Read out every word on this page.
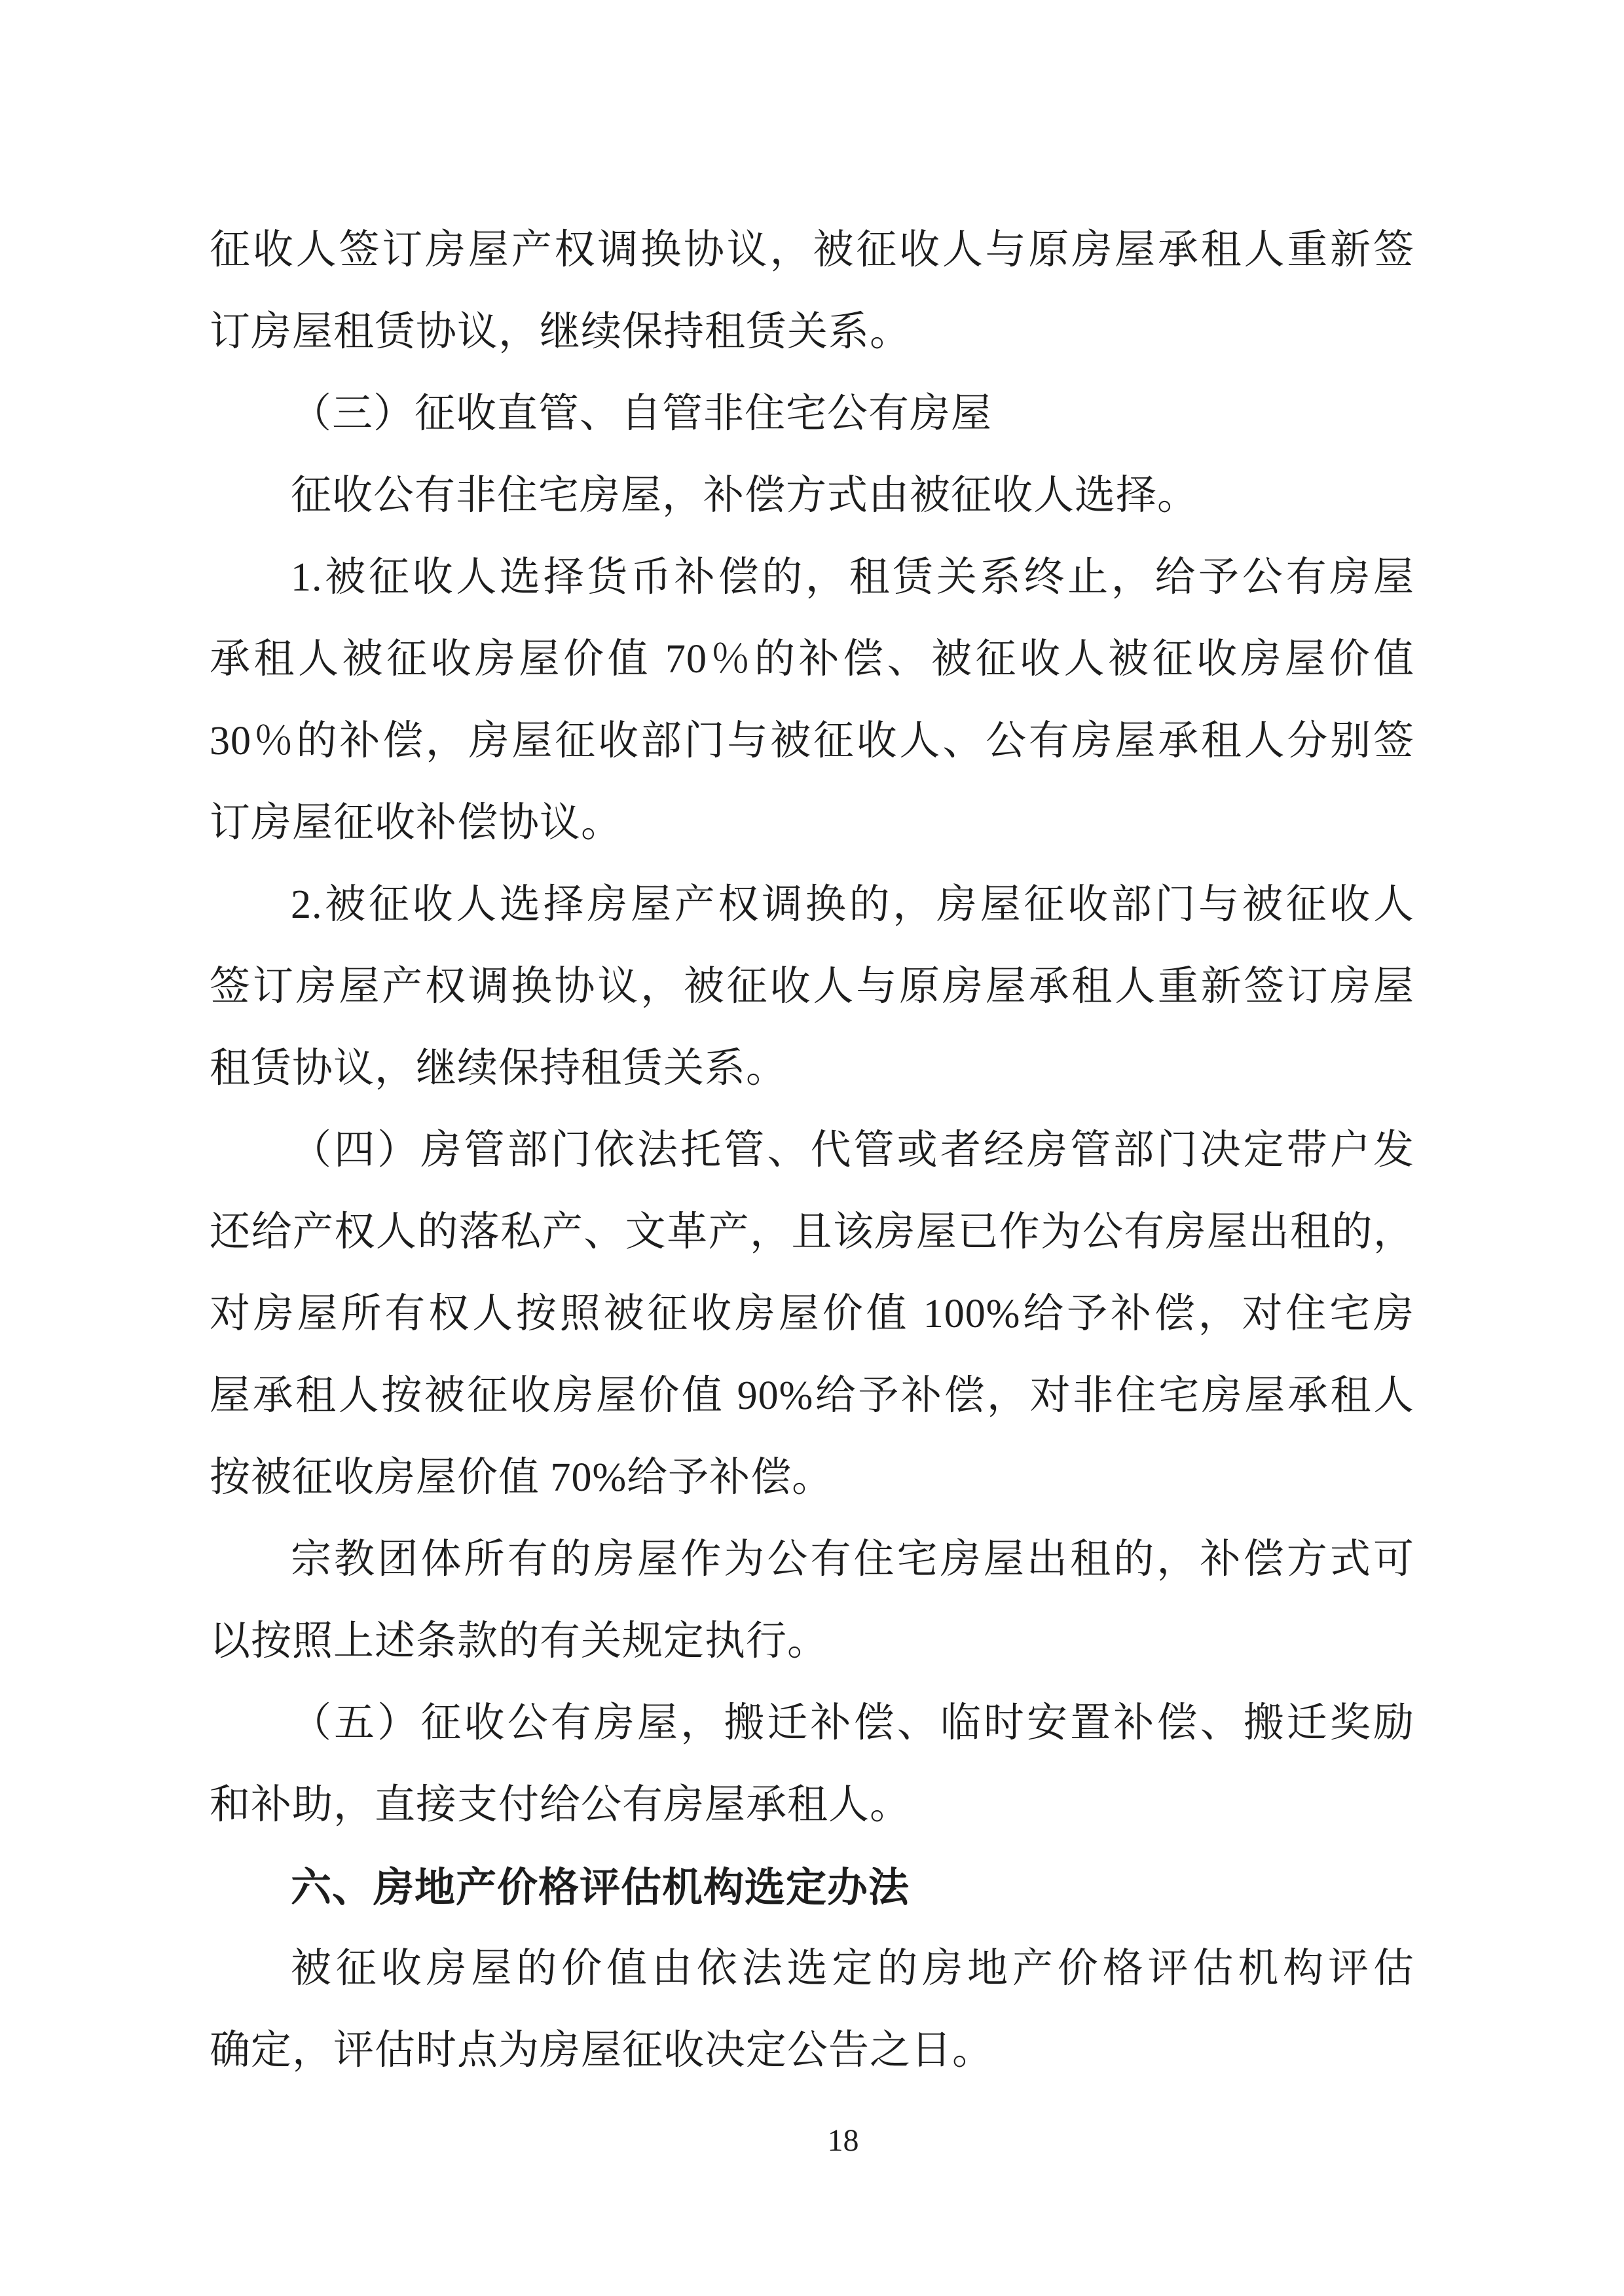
征收人签订房屋产权调换协议，被征收人与原房屋承租人重新签
订房屋租赁协议，继续保持租赁关系。
（三）征收直管、自管非住宅公有房屋
征收公有非住宅房屋，补偿方式由被征收人选择。
1.被征收人选择货币补偿的，租赁关系终止，给予公有房屋
承租人被征收房屋价值 70％的补偿、被征收人被征收房屋价值
30％的补偿，房屋征收部门与被征收人、公有房屋承租人分别签
订房屋征收补偿协议。
2.被征收人选择房屋产权调换的，房屋征收部门与被征收人
签订房屋产权调换协议，被征收人与原房屋承租人重新签订房屋
租赁协议，继续保持租赁关系。
（四）房管部门依法托管、代管或者经房管部门决定带户发
还给产权人的落私产、文革产，且该房屋已作为公有房屋出租的，
对房屋所有权人按照被征收房屋价值 100%给予补偿，对住宅房
屋承租人按被征收房屋价值 90%给予补偿，对非住宅房屋承租人
按被征收房屋价值 70%给予补偿。
宗教团体所有的房屋作为公有住宅房屋出租的，补偿方式可
以按照上述条款的有关规定执行。
（五）征收公有房屋，搬迁补偿、临时安置补偿、搬迁奖励
和补助，直接支付给公有房屋承租人。
六、房地产价格评估机构选定办法
被征收房屋的价值由依法选定的房地产价格评估机构评估
确定，评估时点为房屋征收决定公告之日。
18
